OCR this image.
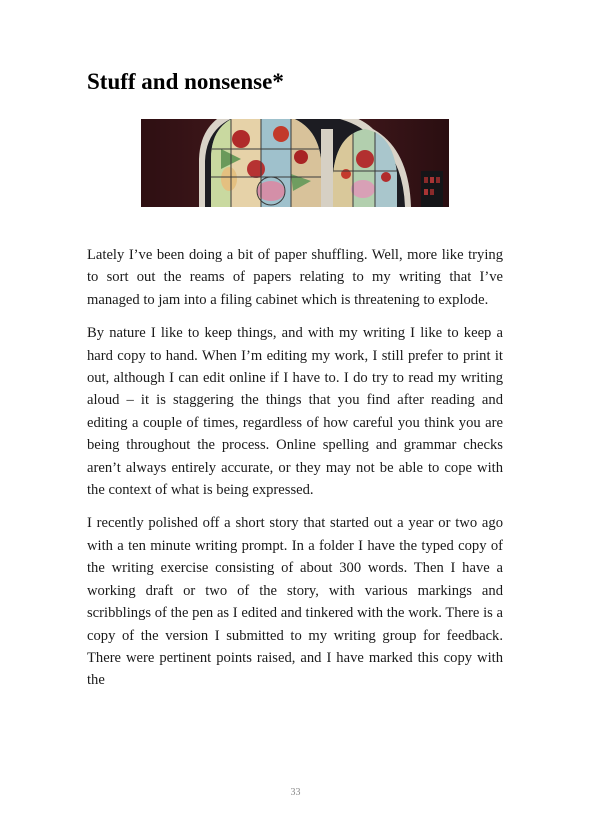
Stuff and nonsense*

Lately I’ve been doing a bit of paper shuffling. Well, more like trying to sort out the reams of papers relating to my writing that I’ve managed to jam into a filing cabinet which is threatening to explode.

By nature I like to keep things, and with my writing I like to keep a hard copy to hand. When I’m editing my work, I still prefer to print it out, although I can edit online if I have to. I do try to read my writing aloud – it is staggering the things that you find after reading and editing a couple of times, regardless of how careful you think you are being throughout the process. Online spelling and grammar checks aren’t always entirely accurate, or they may not be able to cope with the context of what is being expressed.

I recently polished off a short story that started out a year or two ago with a ten minute writing prompt. In a folder I have the typed copy of the writing exercise consisting of about 300 words. Then I have a working draft or two of the story, with various markings and scribblings of the pen as I edited and tinkered with the work. There is a copy of the version I submitted to my writing group for feedback. There were pertinent points raised, and I have marked this copy with the

33
